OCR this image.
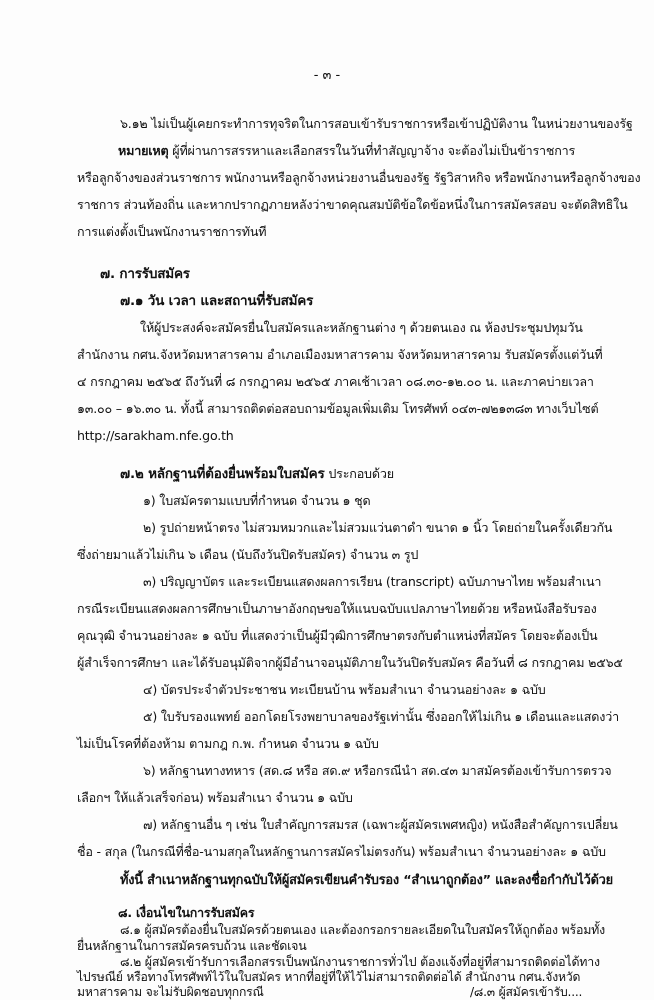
- ๓ -
๖.๑๒ ไม่เป็นผู้เคยกระทำการทุจริตในการสอบเข้ารับราชการหรือเข้าปฏิบัติงาน ในหน่วยงานของรัฐ
หมายเหตุ ผู้ที่ผ่านการสรรหาและเลือกสรรในวันที่ทำสัญญาจ้าง จะต้องไม่เป็นข้าราชการ
หรือลูกจ้างของส่วนราชการ พนักงานหรือลูกจ้างหน่วยงานอื่นของรัฐ รัฐวิสาหกิจ หรือพนักงานหรือลูกจ้างของ
ราชการ ส่วนท้องถิ่น และหากปรากฏภายหลังว่าขาดคุณสมบัติข้อใดข้อหนึ่งในการสมัครสอบ จะตัดสิทธิใน
การแต่งตั้งเป็นพนักงานราชการทันที
๗. การรับสมัคร
๗.๑ วัน เวลา และสถานที่รับสมัคร
ให้ผู้ประสงค์จะสมัครยื่นใบสมัครและหลักฐานต่าง ๆ ด้วยตนเอง ณ ห้องประชุมปทุมวัน
สำนักงาน กศน.จังหวัดมหาสารคาม อำเภอเมืองมหาสารคาม จังหวัดมหาสารคาม รับสมัครตั้งแต่วันที่
๔ กรกฎาคม ๒๕๖๕ ถึงวันที่ ๘ กรกฎาคม ๒๕๖๕ ภาคเช้าเวลา ๐๘.๓๐-๑๒.๐๐ น. และภาคบ่ายเวลา
๑๓.๐๐ – ๑๖.๓๐ น. ทั้งนี้ สามารถติดต่อสอบถามข้อมูลเพิ่มเติม โทรศัพท์ ๐๔๓-๗๒๑๓๘๓ ทางเว็บไซต์
http://sarakham.nfe.go.th
๗.๒ หลักฐานที่ต้องยื่นพร้อมใบสมัคร ประกอบด้วย
๑) ใบสมัครตามแบบที่กำหนด จำนวน ๑ ชุด
๒) รูปถ่ายหน้าตรง ไม่สวมหมวกและไม่สวมแว่นตาดำ ขนาด ๑ นิ้ว โดยถ่ายในครั้งเดียวกัน
ซึ่งถ่ายมาแล้วไม่เกิน ๖ เดือน (นับถึงวันปิดรับสมัคร) จำนวน ๓ รูป
๓) ปริญญาบัตร และระเบียนแสดงผลการเรียน (transcript) ฉบับภาษาไทย พร้อมสำเนา
กรณีระเบียนแสดงผลการศึกษาเป็นภาษาอังกฤษขอให้แนบฉบับแปลภาษาไทยด้วย หรือหนังสือรับรอง
คุณวุฒิ จำนวนอย่างละ ๑ ฉบับ ที่แสดงว่าเป็นผู้มีวุฒิการศึกษาตรงกับตำแหน่งที่สมัคร โดยจะต้องเป็น
ผู้สำเร็จการศึกษา และได้รับอนุมัติจากผู้มีอำนาจอนุมัติภายในวันปิดรับสมัคร คือวันที่ ๘ กรกฎาคม ๒๕๖๕
๔) บัตรประจำตัวประชาชน ทะเบียนบ้าน พร้อมสำเนา จำนวนอย่างละ ๑ ฉบับ
๕) ใบรับรองแพทย์ ออกโดยโรงพยาบาลของรัฐเท่านั้น ซึ่งออกให้ไม่เกิน ๑ เดือนและแสดงว่า
ไม่เป็นโรคที่ต้องห้าม ตามกฎ ก.พ. กำหนด จำนวน ๑ ฉบับ
๖) หลักฐานทางทหาร (สด.๘ หรือ สด.๙ หรือกรณีนำ สด.๔๓ มาสมัครต้องเข้ารับการตรวจ
เลือกฯ ให้แล้วเสร็จก่อน) พร้อมสำเนา จำนวน ๑ ฉบับ
๗) หลักฐานอื่น ๆ เช่น ใบสำคัญการสมรส (เฉพาะผู้สมัครเพศหญิง) หนังสือสำคัญการเปลี่ยน
ชื่อ - สกุล (ในกรณีที่ชื่อ-นามสกุลในหลักฐานการสมัครไม่ตรงกัน) พร้อมสำเนา จำนวนอย่างละ ๑ ฉบับ
ทั้งนี้ สำเนาหลักฐานทุกฉบับให้ผู้สมัครเขียนคำรับรอง “สำเนาถูกต้อง” และลงชื่อกำกับไว้ด้วย
๘. เงื่อนไขในการรับสมัคร
๘.๑ ผู้สมัครต้องยื่นใบสมัครด้วยตนเอง และต้องกรอกรายละเอียดในใบสมัครให้ถูกต้อง พร้อมทั้ง
ยื่นหลักฐานในการสมัครครบถ้วน และชัดเจน
๘.๒ ผู้สมัครเข้ารับการเลือกสรรเป็นพนักงานราชการทั่วไป ต้องแจ้งที่อยู่ที่สามารถติดต่อได้ทาง
ไปรษณีย์ หรือทางโทรศัพท์ไว้ในใบสมัคร หากที่อยู่ที่ให้ไว้ไม่สามารถติดต่อได้ สำนักงาน กศน.จังหวัด
มหาสารคาม จะไม่รับผิดชอบทุกกรณี	/๘.๓ ผู้สมัครเข้ารับ....
